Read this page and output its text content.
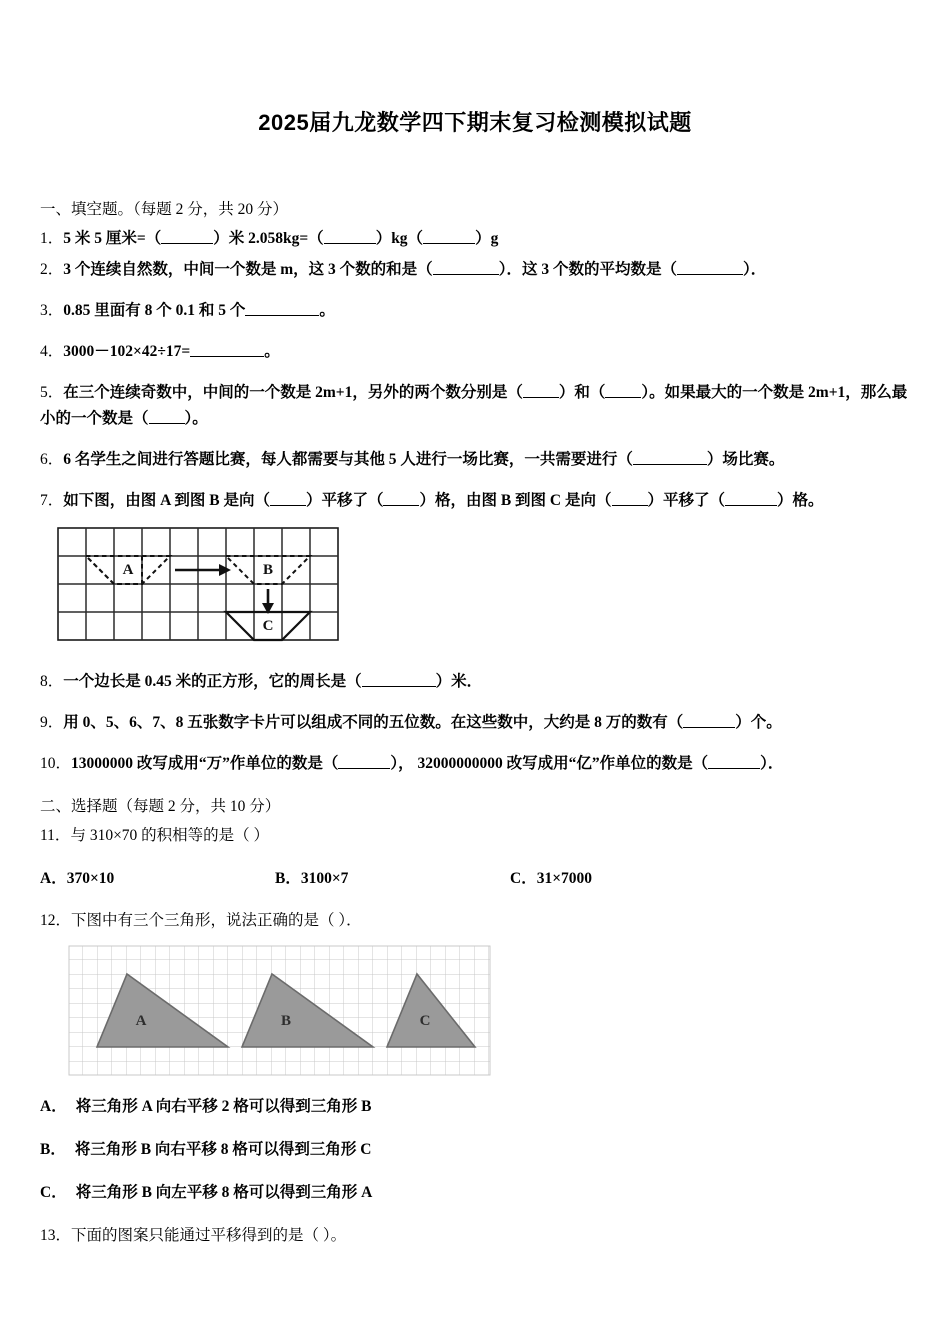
2025届九龙数学四下期末复习检测模拟试题
一、填空题。（每题 2 分，共 20 分）
1．5 米 5 厘米=（	）米 2.058kg=（	）kg（	）g
2．3 个连续自然数，中间一个数是 m，这 3 个数的和是（	）．这 3 个数的平均数是（	）．
3．0.85 里面有 8 个 0.1 和 5 个	。
4．3000－102×42÷17=	。
5．在三个连续奇数中，中间的一个数是 2m+1，另外的两个数分别是（ ）和（ ）。如果最大的一个数是 2m+1，那么最小的一个数是（ ）。
6．6 名学生之间进行答题比赛，每人都需要与其他 5 人进行一场比赛，一共需要进行（	）场比赛。
7．如下图，由图 A 到图 B 是向（ ）平移了（ ）格，由图 B 到图 C 是向（ ）平移了（	）格。
A	B
C
8．一个边长是 0.45 米的正方形，它的周长是（	）米．
9．用 0、5、6、7、8 五张数字卡片可以组成不同的五位数。在这些数中，大约是 8 万的数有（	）个。
10．13000000 改写成用“万”作单位的数是（	）， 32000000000 改写成用“亿”作单位的数是（	）．
二、选择题（每题 2 分，共 10 分）
11．与 310×70 的积相等的是（ ）
A．370×10	B．3100×7	C．31×7000
12．下图中有三个三角形，说法正确的是（ ）．
A	B	C
A． 将三角形 A 向右平移 2 格可以得到三角形 B
B． 将三角形 B 向右平移 8 格可以得到三角形 C
C． 将三角形 B 向左平移 8 格可以得到三角形 A
13．下面的图案只能通过平移得到的是（ ）。
